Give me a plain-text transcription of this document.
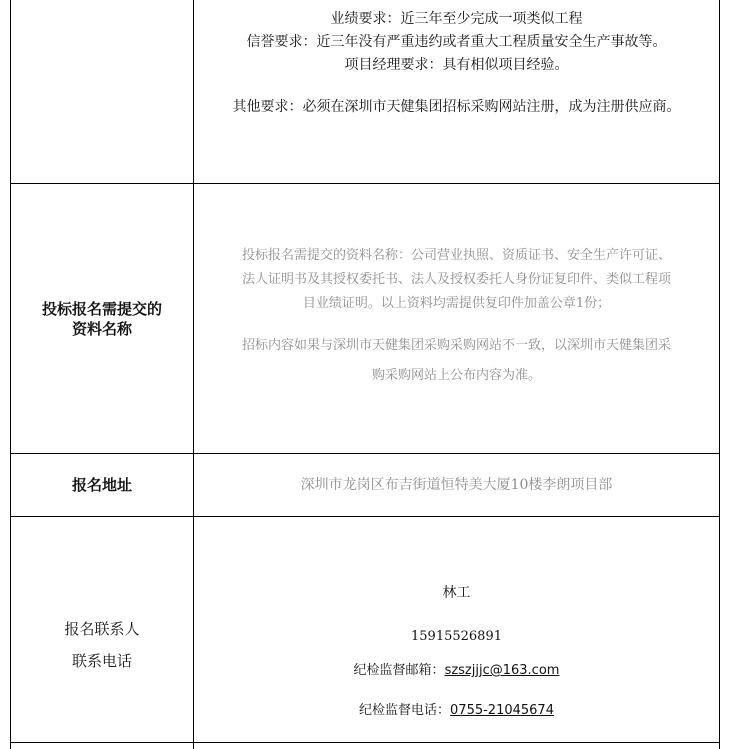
业绩要求：近三年至少完成一项类似工程
信誉要求：近三年没有严重违约或者重大工程质量安全生产事故等。
项目经理要求：具有相似项目经验。
其他要求：必须在深圳市天健集团招标采购网站注册，成为注册供应商。
投标报名需提交的
资料名称
投标报名需提交的资料名称：公司营业执照、资质证书、安全生产许可证、
法人证明书及其授权委托书、法人及授权委托人身份证复印件、类似工程项
目业绩证明。以上资料均需提供复印件加盖公章1份；
招标内容如果与深圳市天健集团采购采购网站不一致，以深圳市天健集团采
购采购网站上公布内容为准。
报名地址	深圳市龙岗区布吉街道恒特美大厦10楼李朗项目部
报名联系人
联系电话
林工
15915526891
纪检监督邮箱：szszjjjc@163.com
纪检监督电话：0755-21045674
